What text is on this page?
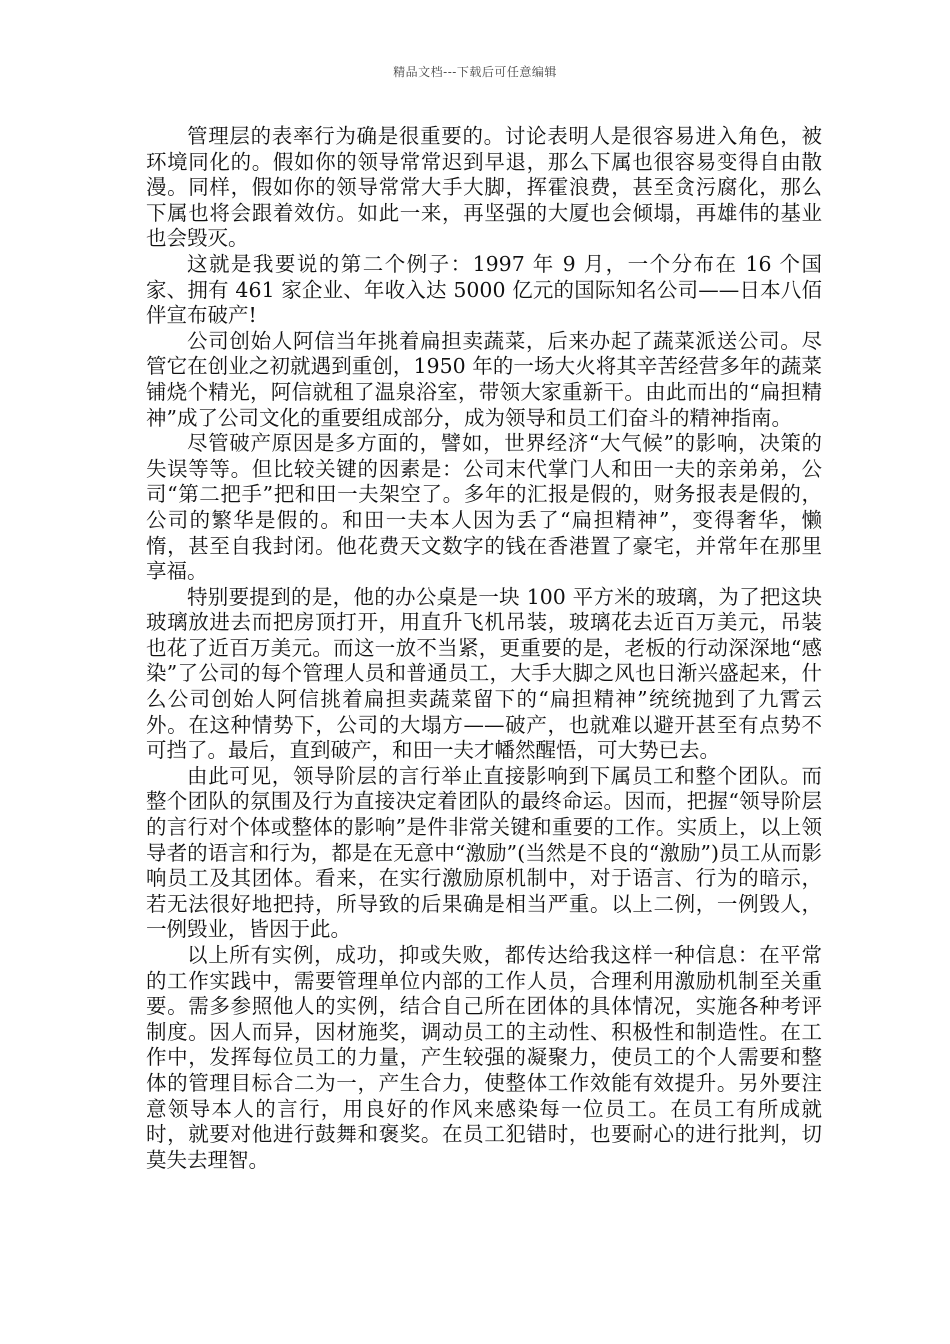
精品文档---下载后可任意编辑

管理层的表率行为确是很重要的。讨论表明人是很容易进入角色，被环境同化的。假如你的领导常常迟到早退，那么下属也很容易变得自由散漫。同样，假如你的领导常常大手大脚，挥霍浪费，甚至贪污腐化，那么下属也将会跟着效仿。如此一来，再坚强的大厦也会倾塌，再雄伟的基业也会毁灭。

这就是我要说的第二个例子：1997 年 9 月，一个分布在 16 个国家、拥有 461 家企业、年收入达 5000 亿元的国际知名公司——日本八佰伴宣布破产!

公司创始人阿信当年挑着扁担卖蔬菜，后来办起了蔬菜派送公司。尽管它在创业之初就遇到重创，1950 年的一场大火将其辛苦经营多年的蔬菜铺烧个精光，阿信就租了温泉浴室，带领大家重新干。由此而出的“扁担精神”成了公司文化的重要组成部分，成为领导和员工们奋斗的精神指南。

尽管破产原因是多方面的，譬如，世界经济“大气候”的影响，决策的失误等等。但比较关键的因素是：公司末代掌门人和田一夫的亲弟弟，公司“第二把手”把和田一夫架空了。多年的汇报是假的，财务报表是假的，公司的繁华是假的。和田一夫本人因为丢了“扁担精神”，变得奢华，懒惰，甚至自我封闭。他花费天文数字的钱在香港置了豪宅，并常年在那里享福。

特别要提到的是，他的办公桌是一块 100 平方米的玻璃，为了把这块玻璃放进去而把房顶打开，用直升飞机吊装，玻璃花去近百万美元，吊装也花了近百万美元。而这一放不当紧，更重要的是，老板的行动深深地“感染”了公司的每个管理人员和普通员工，大手大脚之风也日渐兴盛起来，什么公司创始人阿信挑着扁担卖蔬菜留下的“扁担精神”统统抛到了九霄云外。在这种情势下，公司的大塌方——破产，也就难以避开甚至有点势不可挡了。最后，直到破产，和田一夫才幡然醒悟，可大势已去。

由此可见，领导阶层的言行举止直接影响到下属员工和整个团队。而整个团队的氛围及行为直接决定着团队的最终命运。因而，把握“领导阶层的言行对个体或整体的影响”是件非常关键和重要的工作。实质上，以上领导者的语言和行为，都是在无意中“激励”(当然是不良的“激励”)员工从而影响员工及其团体。看来，在实行激励原机制中，对于语言、行为的暗示，若无法很好地把持，所导致的后果确是相当严重。以上二例，一例毁人，一例毁业，皆因于此。

以上所有实例，成功，抑或失败，都传达给我这样一种信息：在平常的工作实践中，需要管理单位内部的工作人员，合理利用激励机制至关重要。需多参照他人的实例，结合自己所在团体的具体情况，实施各种考评制度。因人而异，因材施奖，调动员工的主动性、积极性和制造性。在工作中，发挥每位员工的力量，产生较强的凝聚力，使员工的个人需要和整体的管理目标合二为一，产生合力，使整体工作效能有效提升。另外要注意领导本人的言行，用良好的作风来感染每一位员工。在员工有所成就时，就要对他进行鼓舞和褒奖。在员工犯错时，也要耐心的进行批判，切莫失去理智。
